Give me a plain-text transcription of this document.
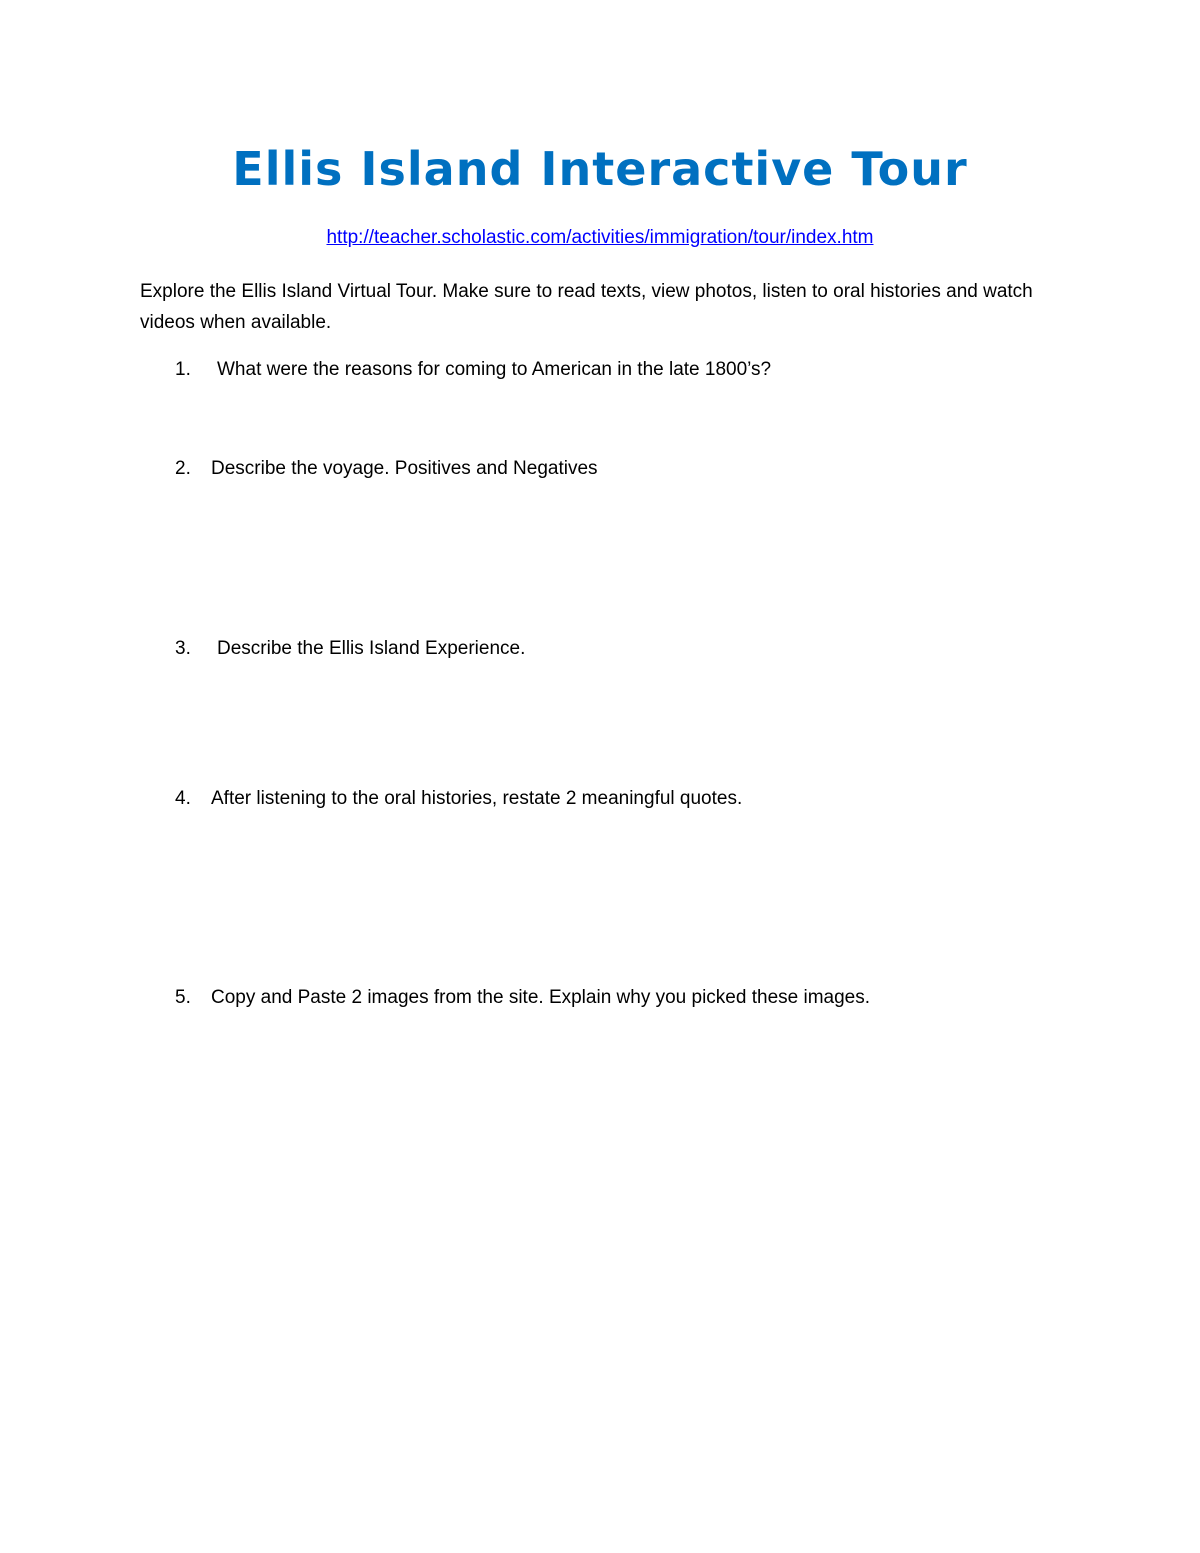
Ellis Island Interactive Tour
http://teacher.scholastic.com/activities/immigration/tour/index.htm

Explore the Ellis Island Virtual Tour. Make sure to read texts, view photos, listen to oral histories and watch videos when available.

1. What were the reasons for coming to American in the late 1800’s?
2. Describe the voyage. Positives and Negatives
3. Describe the Ellis Island Experience.
4. After listening to the oral histories, restate 2 meaningful quotes.
5. Copy and Paste 2 images from the site. Explain why you picked these images.
